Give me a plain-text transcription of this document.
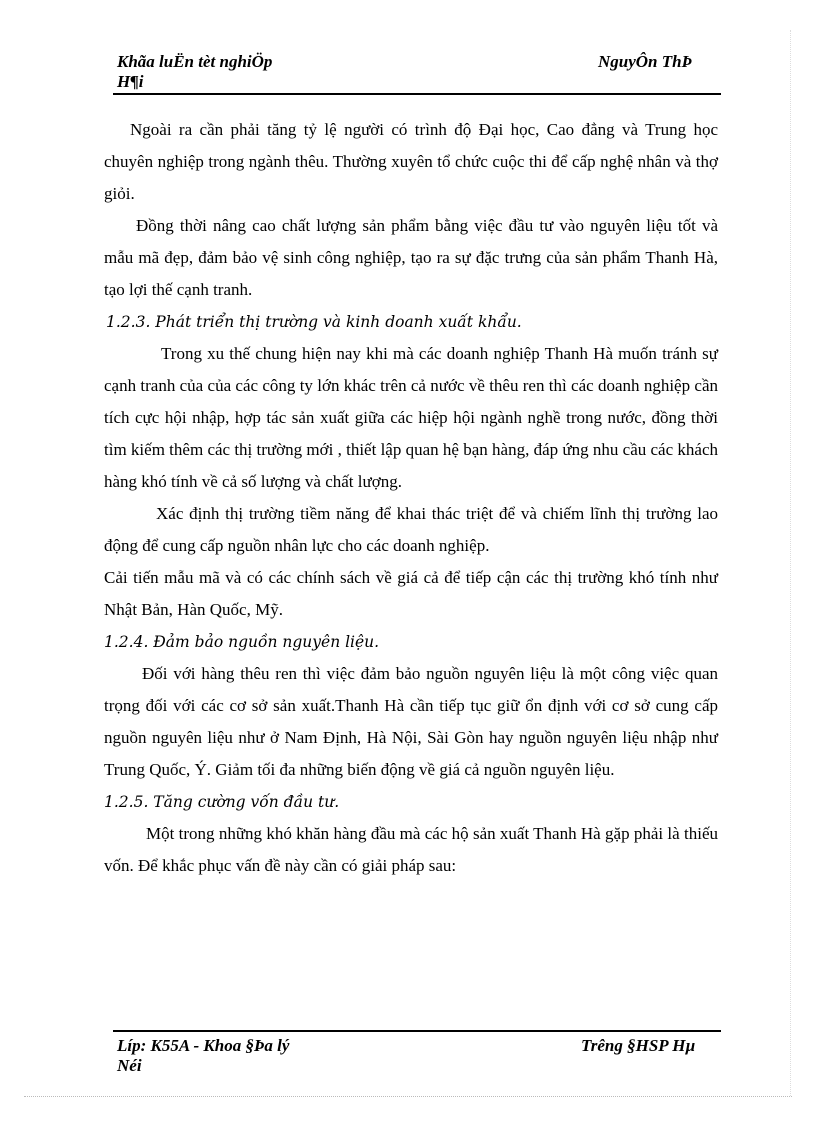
Khãa luËn tèt nghiÖp
H¶i
NguyÔn ThÞ

Ngoài ra cần phải tăng tỷ lệ người có trình độ Đại học, Cao đẳng và Trung học chuyên nghiệp trong ngành thêu. Thường xuyên tổ chức cuộc thi để cấp nghệ nhân và thợ giỏi.

Đồng thời nâng cao chất lượng sản phẩm bằng việc đầu tư vào nguyên liệu tốt và mẫu mã đẹp, đảm bảo vệ sinh công nghiệp, tạo ra sự đặc trưng của sản phẩm Thanh Hà, tạo lợi thế cạnh tranh.

1.2.3. Phát triển thị trường và kinh doanh xuất khẩu.

Trong xu thế chung hiện nay khi mà các doanh nghiệp Thanh Hà muốn tránh sự cạnh tranh của của các công ty lớn khác trên cả nước về thêu ren thì các doanh nghiệp cần tích cực hội nhập, hợp tác sản xuất giữa các hiệp hội ngành nghề trong nước, đồng thời tìm kiếm thêm các thị trường mới , thiết lập quan hệ bạn hàng, đáp ứng nhu cầu các khách hàng khó tính về cả số lượng và chất lượng.

Xác định thị trường tiềm năng để khai thác triệt để và chiếm lĩnh thị trường lao động để cung cấp nguồn nhân lực cho các doanh nghiệp.

Cải tiến mẫu mã và có các chính sách về giá cả để tiếp cận các thị trường khó tính như Nhật Bản, Hàn Quốc, Mỹ.

1.2.4. Đảm bảo nguồn nguyên liệu.

Đối với hàng thêu ren thì việc đảm bảo nguồn nguyên liệu là một công việc quan trọng đối với các cơ sở sản xuất.Thanh Hà cần tiếp tục giữ ổn định với cơ sở cung cấp nguồn nguyên liệu như ở Nam Định, Hà Nội, Sài Gòn hay nguồn nguyên liệu nhập như Trung Quốc, Ý. Giảm tối đa những biến động về giá cả nguồn nguyên liệu.

1.2.5. Tăng cường vốn đầu tư.

Một trong những khó khăn hàng đầu mà các hộ sản xuất Thanh Hà gặp phải là thiếu vốn. Để khắc phục vấn đề này cần có giải pháp sau:

Líp: K55A - Khoa §Þa lý
Néi
Trêng §HSP Hµ
